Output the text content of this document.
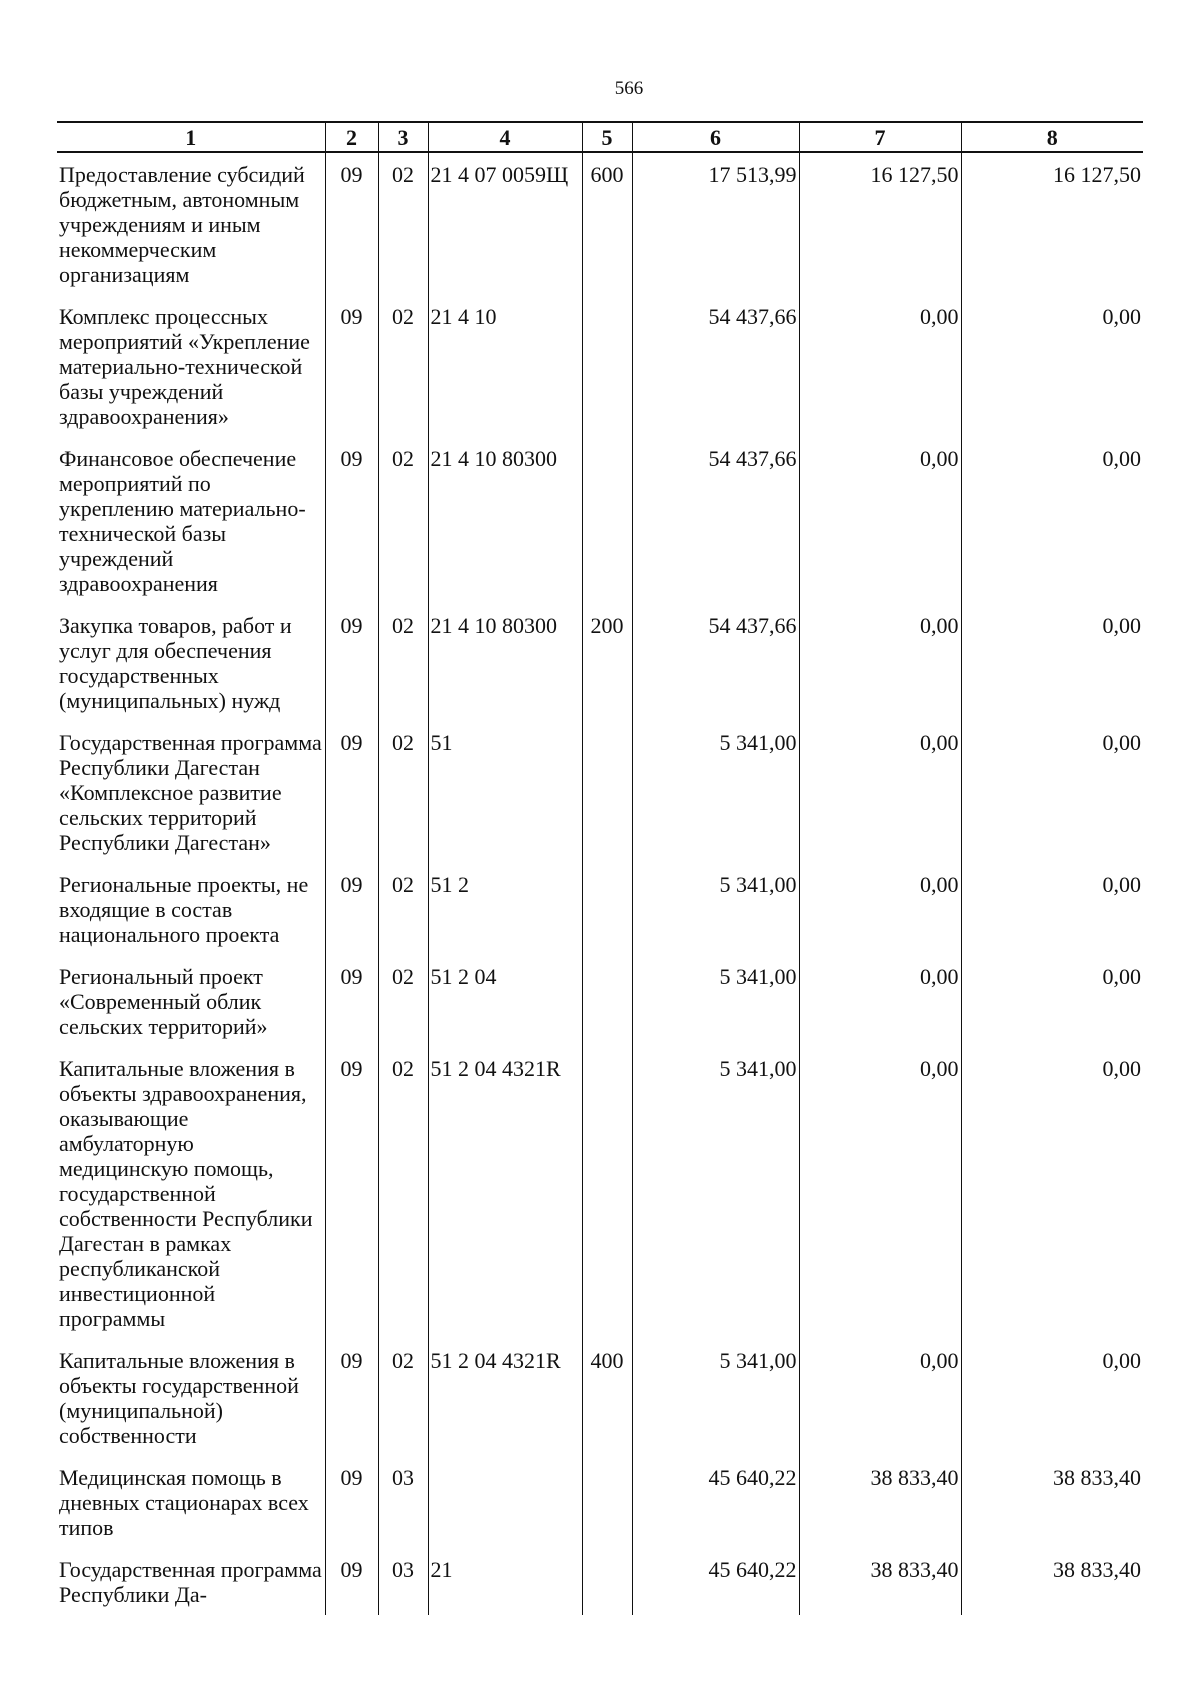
566
1	2	3	4	5	6	7	8
Предоставление субсидий бюджетным, автономным учреждениям и иным некоммерческим организациям	09	02	21 4 07 0059Щ	600	17 513,99	16 127,50	16 127,50
Комплекс процессных мероприятий «Укрепление материально-технической базы учреждений здравоохранения»	09	02	21 4 10		54 437,66	0,00	0,00
Финансовое обеспечение мероприятий по укреплению материально-технической базы учреждений здравоохранения	09	02	21 4 10 80300		54 437,66	0,00	0,00
Закупка товаров, работ и услуг для обеспечения государственных (муниципальных) нужд	09	02	21 4 10 80300	200	54 437,66	0,00	0,00
Государственная программа Республики Дагестан «Комплексное развитие сельских территорий Республики Дагестан»	09	02	51		5 341,00	0,00	0,00
Региональные проекты, не входящие в состав национального проекта	09	02	51 2		5 341,00	0,00	0,00
Региональный проект «Современный облик сельских территорий»	09	02	51 2 04		5 341,00	0,00	0,00
Капитальные вложения в объекты здравоохранения, оказывающие амбулаторную медицинскую помощь, государственной собственности Республики Дагестан в рамках республиканской инвестиционной программы	09	02	51 2 04 4321R		5 341,00	0,00	0,00
Капитальные вложения в объекты государственной (муниципальной) собственности	09	02	51 2 04 4321R	400	5 341,00	0,00	0,00
Медицинская помощь в дневных стационарах всех типов	09	03			45 640,22	38 833,40	38 833,40
Государственная программа Республики Да-	09	03	21		45 640,22	38 833,40	38 833,40
